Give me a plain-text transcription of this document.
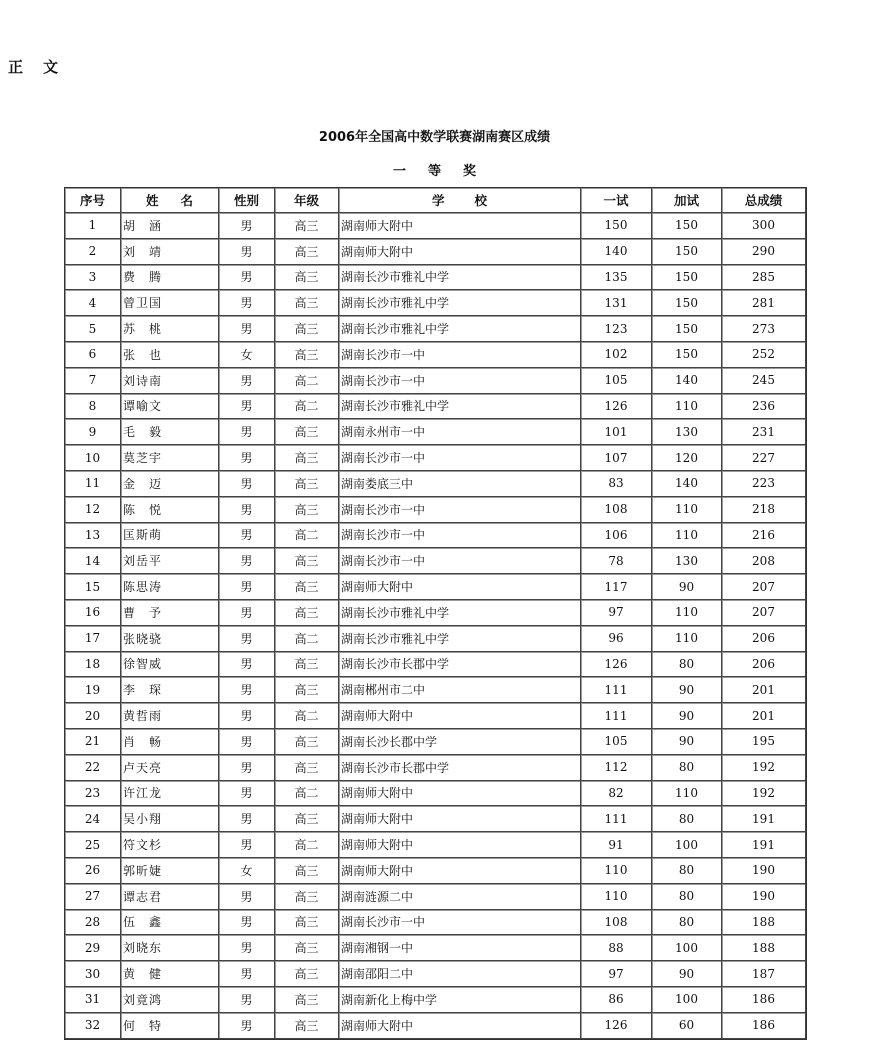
正文
2006年全国高中数学联赛湖南赛区成绩
一等奖
序号	姓名	性别	年级	学校	一试	加试	总成绩
1	胡　涵	男	高三	湖南师大附中	150	150	300
2	刘　靖	男	高三	湖南师大附中	140	150	290
3	费　腾	男	高三	湖南长沙市雅礼中学	135	150	285
4	曾卫国	男	高三	湖南长沙市雅礼中学	131	150	281
5	苏　桃	男	高三	湖南长沙市雅礼中学	123	150	273
6	张　也	女	高三	湖南长沙市一中	102	150	252
7	刘诗南	男	高二	湖南长沙市一中	105	140	245
8	谭喻文	男	高二	湖南长沙市雅礼中学	126	110	236
9	毛　毅	男	高三	湖南永州市一中	101	130	231
10	莫芝宇	男	高三	湖南长沙市一中	107	120	227
11	金　迈	男	高三	湖南娄底三中	83	140	223
12	陈　悦	男	高三	湖南长沙市一中	108	110	218
13	匡斯萌	男	高二	湖南长沙市一中	106	110	216
14	刘岳平	男	高三	湖南长沙市一中	78	130	208
15	陈思涛	男	高三	湖南师大附中	117	90	207
16	曹　予	男	高三	湖南长沙市雅礼中学	97	110	207
17	张晓骁	男	高二	湖南长沙市雅礼中学	96	110	206
18	徐智威	男	高三	湖南长沙市长郡中学	126	80	206
19	李　琛	男	高三	湖南郴州市二中	111	90	201
20	黄哲雨	男	高二	湖南师大附中	111	90	201
21	肖　畅	男	高三	湖南长沙长郡中学	105	90	195
22	卢天亮	男	高三	湖南长沙市长郡中学	112	80	192
23	许江龙	男	高二	湖南师大附中	82	110	192
24	吴小翔	男	高三	湖南师大附中	111	80	191
25	符文杉	男	高二	湖南师大附中	91	100	191
26	郭昕婕	女	高三	湖南师大附中	110	80	190
27	谭志君	男	高三	湖南涟源二中	110	80	190
28	伍　鑫	男	高三	湖南长沙市一中	108	80	188
29	刘晓东	男	高三	湖南湘钢一中	88	100	188
30	黄　健	男	高三	湖南邵阳二中	97	90	187
31	刘竟鸿	男	高三	湖南新化上梅中学	86	100	186
32	何　特	男	高三	湖南师大附中	126	60	186
